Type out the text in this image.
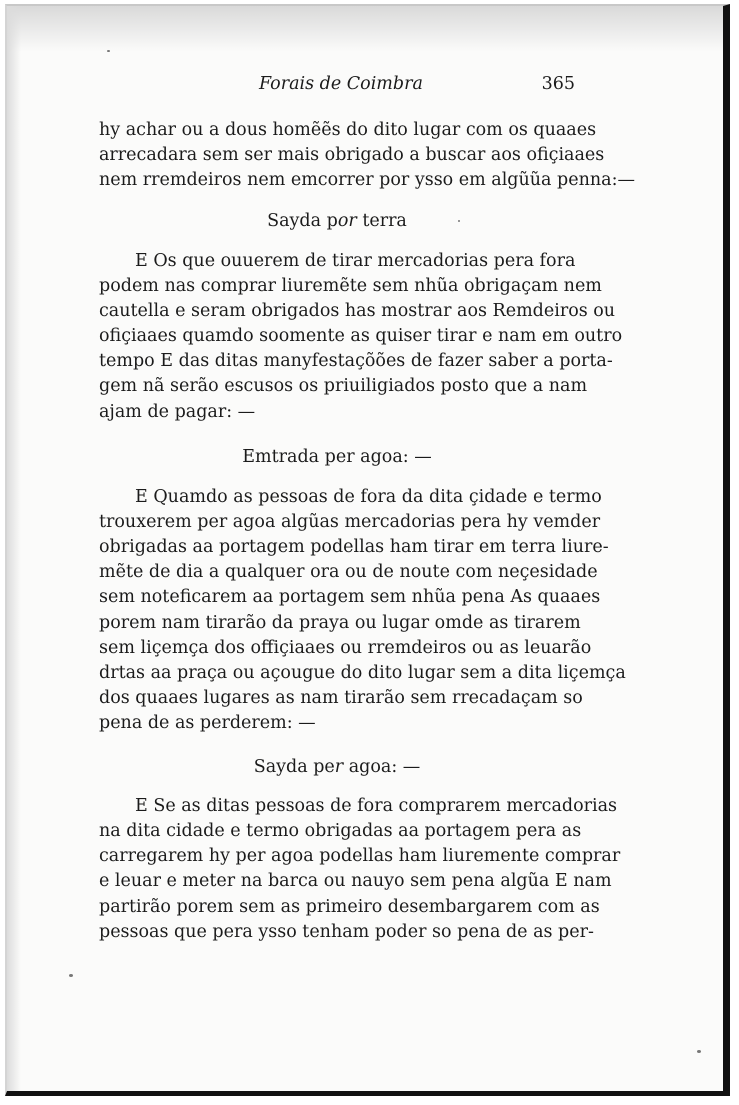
Forais de Coimbra	365
hy achar ou a dous homẽẽs do dito lugar com os quaaes
arrecadara sem ser mais obrigado a buscar aos ofiçiaaes
nem rremdeiros nem emcorrer por ysso em algũũa penna:—
Sayda por terra
E Os que ouuerem de tirar mercadorias pera fora
podem nas comprar liuremẽte sem nhũa obrigaçam nem
cautella e seram obrigados has mostrar aos Remdeiros ou
ofiçiaaes quamdo soomente as quiser tirar e nam em outro
tempo E das ditas manyfestaçõões de fazer saber a porta-
gem nã serão escusos os priuiligiados posto que a nam
ajam de pagar: —
Emtrada per agoa: —
E Quamdo as pessoas de fora da dita çidade e termo
trouxerem per agoa algũas mercadorias pera hy vemder
obrigadas aa portagem podellas ham tirar em terra liure-
mẽte de dia a qualquer ora ou de noute com neçesidade
sem noteficarem aa portagem sem nhũa pena As quaaes
porem nam tirarão da praya ou lugar omde as tirarem
sem liçemça dos offiçiaaes ou rremdeiros ou as leuarão
drtas aa praça ou açougue do dito lugar sem a dita liçemça
dos quaaes lugares as nam tirarão sem rrecadaçam so
pena de as perderem: —
Sayda per agoa: —
E Se as ditas pessoas de fora comprarem mercadorias
na dita cidade e termo obrigadas aa portagem pera as
carregarem hy per agoa podellas ham liuremente comprar
e leuar e meter na barca ou nauyo sem pena algũa E nam
partirão porem sem as primeiro desembargarem com as
pessoas que pera ysso tenham poder so pena de as per-
